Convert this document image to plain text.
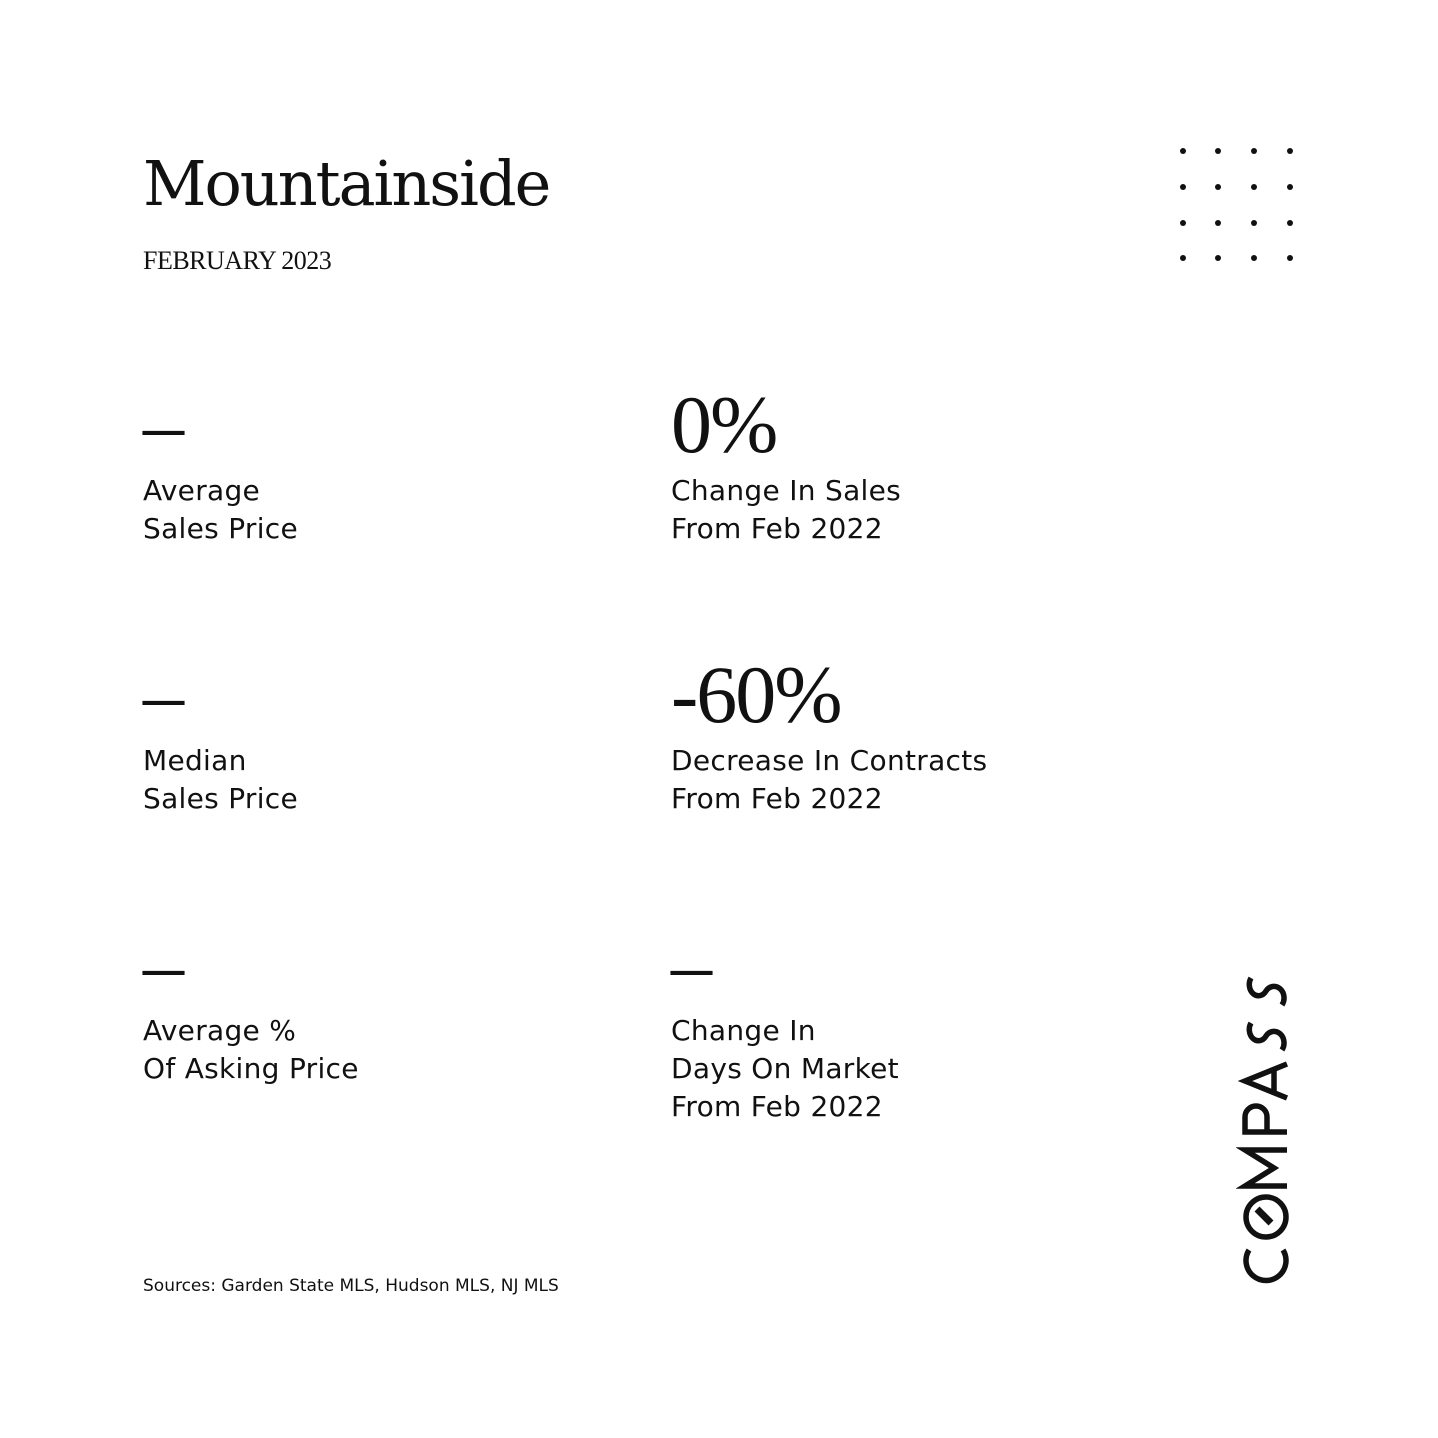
Mountainside
FEBRUARY 2023
–
Average
Sales Price
0%
Change In Sales
From Feb 2022
–
Median
Sales Price
-60%
Decrease In Contracts
From Feb 2022
–
Average %
Of Asking Price
–
Change In
Days On Market
From Feb 2022
Sources: Garden State MLS, Hudson MLS, NJ MLS
